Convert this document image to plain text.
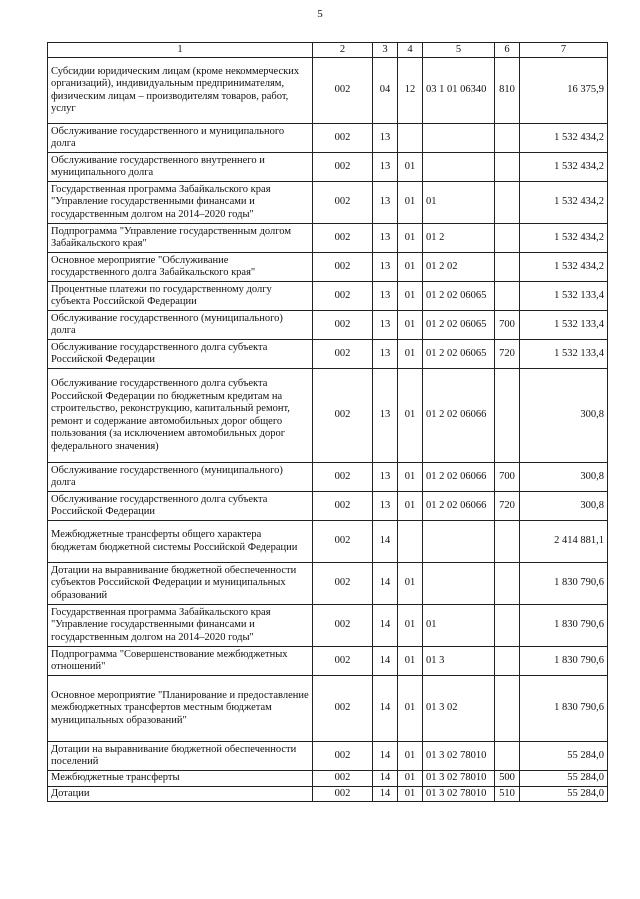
5
1	2	3	4	5	6	7
Субсидии юридическим лицам (кроме некоммерческих организаций), индивидуальным предпринимателям, физическим лицам – производителям товаров, работ, услуг	002	04	12	03 1 01 06340	810	16 375,9
Обслуживание государственного и муниципального долга	002	13				1 532 434,2
Обслуживание государственного внутреннего и муниципального долга	002	13	01			1 532 434,2
Государственная программа Забайкальского края "Управление государственными финансами и государственным долгом на 2014–2020 годы"	002	13	01	01		1 532 434,2
Подпрограмма "Управление государственным долгом Забайкальского края"	002	13	01	01 2		1 532 434,2
Основное мероприятие "Обслуживание государственного долга Забайкальского края"	002	13	01	01 2 02		1 532 434,2
Процентные платежи по государственному долгу субъекта Российской Федерации	002	13	01	01 2 02 06065		1 532 133,4
Обслуживание государственного (муниципального) долга	002	13	01	01 2 02 06065	700	1 532 133,4
Обслуживание государственного долга субъекта Российской Федерации	002	13	01	01 2 02 06065	720	1 532 133,4
Обслуживание государственного долга субъекта Российской Федерации по бюджетным кредитам на строительство, реконструкцию, капитальный ремонт, ремонт и содержание автомобильных дорог общего пользования (за исключением автомобильных дорог федерального значения)	002	13	01	01 2 02 06066		300,8
Обслуживание государственного (муниципального) долга	002	13	01	01 2 02 06066	700	300,8
Обслуживание государственного долга субъекта Российской Федерации	002	13	01	01 2 02 06066	720	300,8
Межбюджетные трансферты общего характера бюджетам бюджетной системы Российской Федерации	002	14				2 414 881,1
Дотации на выравнивание бюджетной обеспеченности субъектов Российской Федерации и муниципальных образований	002	14	01			1 830 790,6
Государственная программа Забайкальского края "Управление государственными финансами и государственным долгом на 2014–2020 годы"	002	14	01	01		1 830 790,6
Подпрограмма "Совершенствование межбюджетных отношений"	002	14	01	01 3		1 830 790,6
Основное мероприятие "Планирование и предоставление межбюджетных трансфертов местным бюджетам муниципальных образований"	002	14	01	01 3 02		1 830 790,6
Дотации на выравнивание бюджетной обеспеченности поселений	002	14	01	01 3 02 78010		55 284,0
Межбюджетные трансферты	002	14	01	01 3 02 78010	500	55 284,0
Дотации	002	14	01	01 3 02 78010	510	55 284,0
